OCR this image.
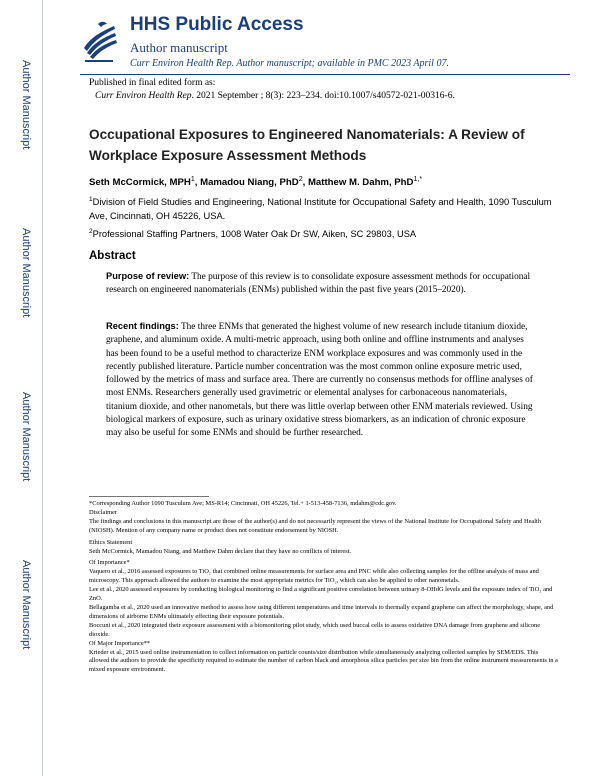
Author Manuscript
Author Manuscript
Author Manuscript
Author Manuscript
HHS Public Access
Author manuscript
Curr Environ Health Rep. Author manuscript; available in PMC 2023 April 07.
Published in final edited form as:
Curr Environ Health Rep. 2021 September ; 8(3): 223–234. doi:10.1007/s40572-021-00316-6.
Occupational Exposures to Engineered Nanomaterials: A Review of Workplace Exposure Assessment Methods
Seth McCormick, MPH$^1$, Mamadou Niang, PhD$^2$, Matthew M. Dahm, PhD$^{1,*}$
$^1$Division of Field Studies and Engineering, National Institute for Occupational Safety and Health, 1090 Tusculum Ave, Cincinnati, OH 45226, USA.
$^2$Professional Staffing Partners, 1008 Water Oak Dr SW, Aiken, SC 29803, USA
Abstract
Purpose of review: The purpose of this review is to consolidate exposure assessment methods for occupational research on engineered nanomaterials (ENMs) published within the past five years (2015–2020).
Recent findings: The three ENMs that generated the highest volume of new research include titanium dioxide, graphene, and aluminum oxide. A multi-metric approach, using both online and offline instruments and analyses has been found to be a useful method to characterize ENM workplace exposures and was commonly used in the recently published literature. Particle number concentration was the most common online exposure metric used, followed by the metrics of mass and surface area. There are currently no consensus methods for offline analyses of most ENMs. Researchers generally used gravimetric or elemental analyses for carbonaceous nanomaterials, titanium dioxide, and other nanometals, but there was little overlap between other ENM materials reviewed. Using biological markers of exposure, such as urinary oxidative stress biomarkers, as an indication of chronic exposure may also be useful for some ENMs and should be further researched.

*Corresponding Author 1090 Tusculum Ave; MS-R14; Cincinnati, OH 45226, Tel.+ 1-513-458-7136, mdahm@cdc.gov.

Disclaimer

The findings and conclusions in this manuscript are those of the author(s) and do not necessarily represent the views of the National Institute for Occupational Safety and Health (NIOSH). Mention of any company name or product does not constitute endorsement by NIOSH.

Ethics Statement

Seth McCormick, Mamadou Niang, and Matthew Dahm declare that they have no conflicts of interest.

Of Importance*

Vaquero et al., 2016 assessed exposures to TiO₂ that combined online measurements for surface area and PNC while also collecting samples for the offline analysis of mass and microscopy. This approach allowed the authors to examine the most appropriate metrics for TiO₂, which can also be applied to other nanometals.

Lee et al., 2020 assessed exposures by conducting biological monitoring to find a significant positive correlation between urinary 8-OHdG levels and the exposure index of TiO₂ and ZnO.

Bellagamba et al., 2020 used an innovative method to assess how using different temperatures and time intervals to thermally expand graphene can affect the morphology, shape, and dimensions of airborne ENMs ultimately effecting their exposure potentials.

Boccuni et al., 2020 integrated their exposure assessment with a biomonitoring pilot study, which used buccal cells to assess oxidative DNA damage from graphene and silicone dioxide.

Of Major Importance**

Krieder et al., 2015 used online instrumentation to collect information on particle counts/size distribution while simultaneously analyzing collected samples by SEM/EDS. This allowed the authors to provide the specificity required to estimate the number of carbon black and amorphous silica particles per size bin from the online instrument measurements in a mixed exposure environment.
